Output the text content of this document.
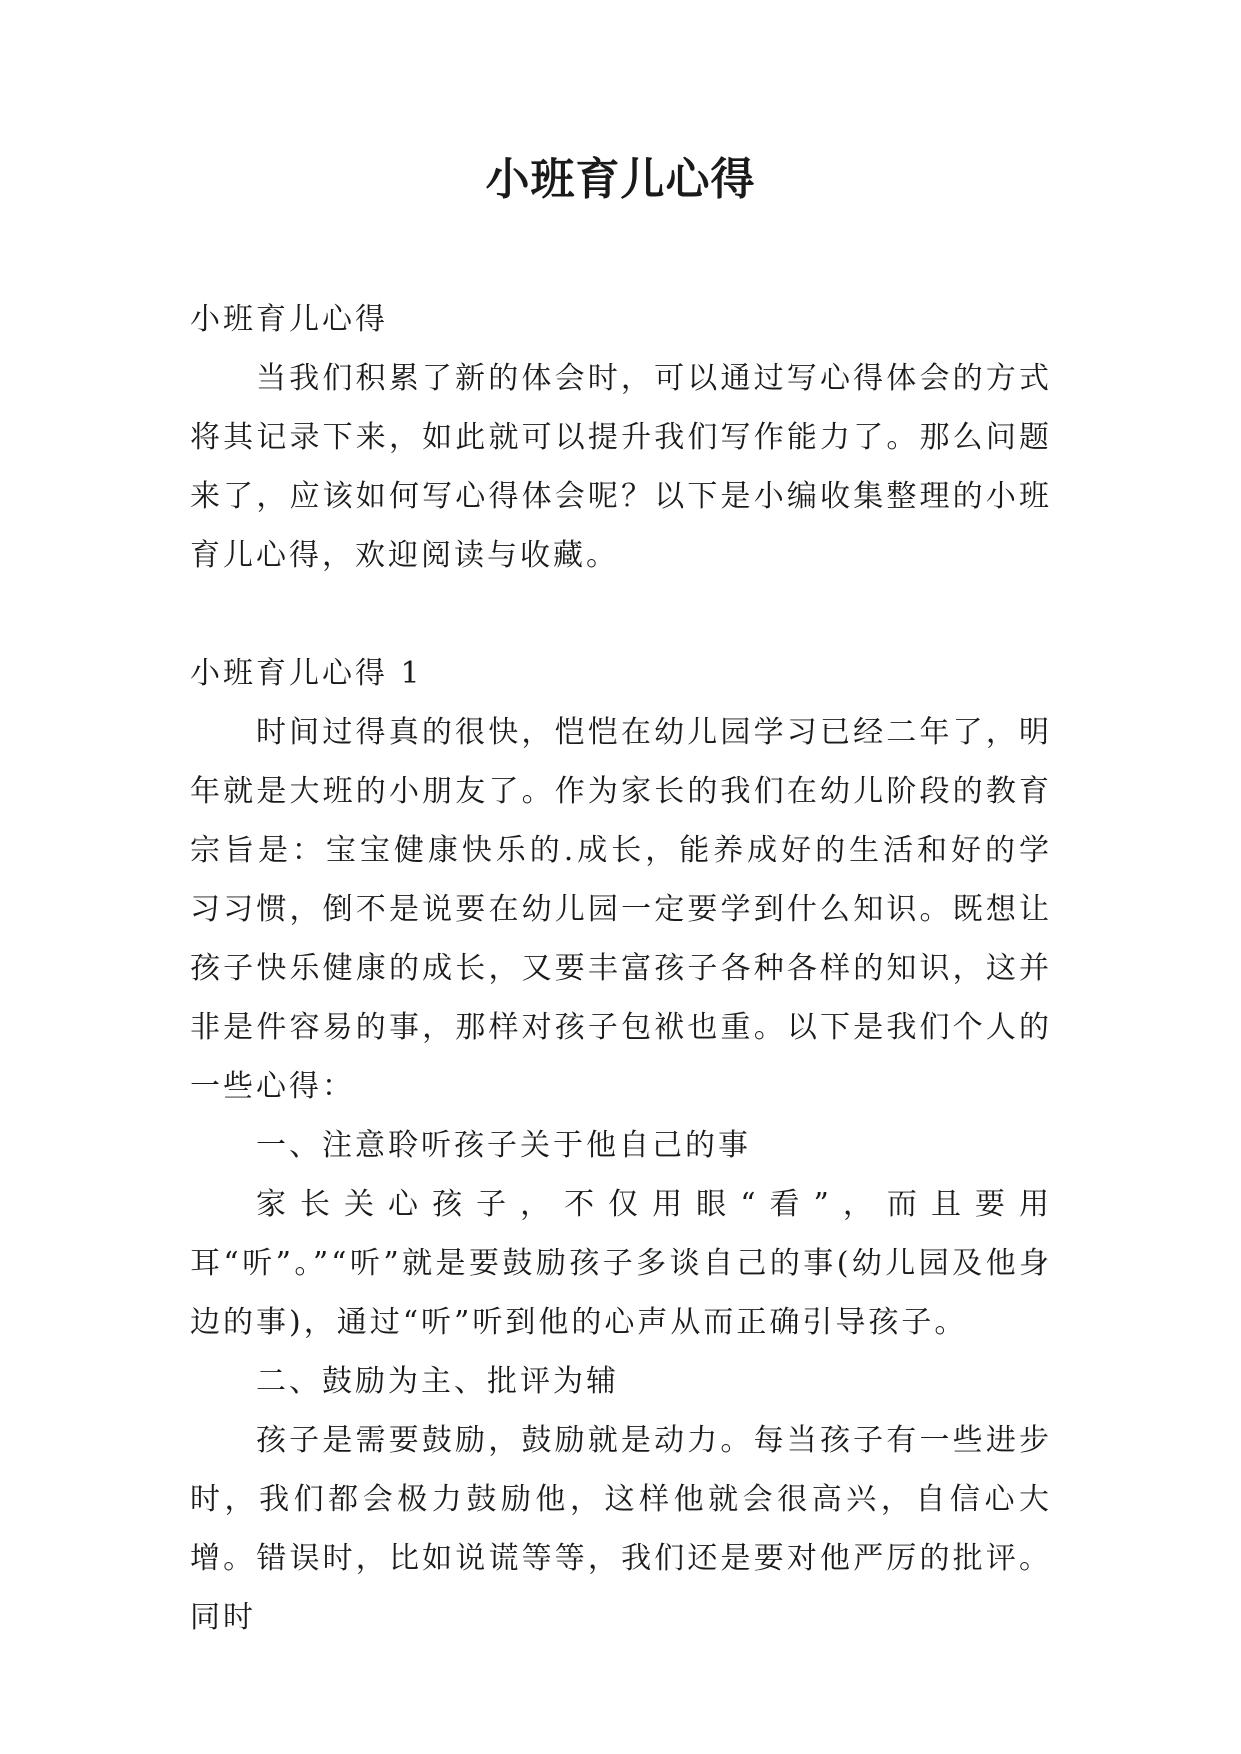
小班育儿心得

小班育儿心得

当我们积累了新的体会时，可以通过写心得体会的方式将其记录下来，如此就可以提升我们写作能力了。那么问题来了，应该如何写心得体会呢？以下是小编收集整理的小班育儿心得，欢迎阅读与收藏。

小班育儿心得 1

时间过得真的很快，恺恺在幼儿园学习已经二年了，明年就是大班的小朋友了。作为家长的我们在幼儿阶段的教育宗旨是：宝宝健康快乐的.成长，能养成好的生活和好的学习习惯，倒不是说要在幼儿园一定要学到什么知识。既想让孩子快乐健康的成长，又要丰富孩子各种各样的知识，这并非是件容易的事，那样对孩子包袱也重。以下是我们个人的一些心得：

一、注意聆听孩子关于他自己的事

家长关心孩子，不仅用眼“看”，而且要用耳“听”。”“听”就是要鼓励孩子多谈自己的事(幼儿园及他身边的事)，通过“听”听到他的心声从而正确引导孩子。

二、鼓励为主、批评为辅

孩子是需要鼓励，鼓励就是动力。每当孩子有一些进步时，我们都会极力鼓励他，这样他就会很高兴，自信心大增。错误时，比如说谎等等，我们还是要对他严厉的批评。同时
